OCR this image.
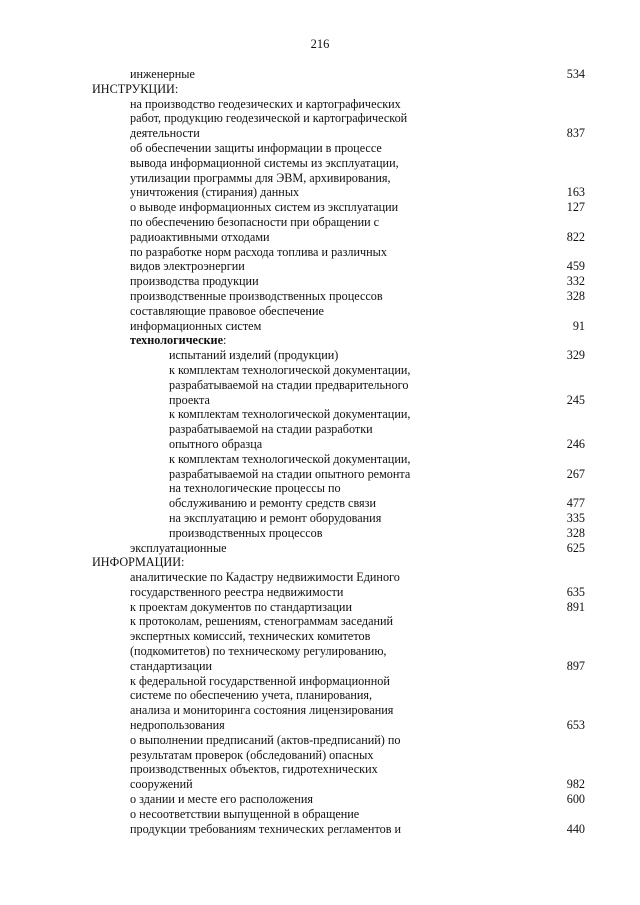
216
инженерные	534
ИНСТРУКЦИИ:
на производство геодезических и картографических
работ, продукцию геодезической и картографической
деятельности	837
об обеспечении защиты информации в процессе
вывода информационной системы из эксплуатации,
утилизации программы для ЭВМ, архивирования,
уничтожения (стирания) данных	163
о выводе информационных систем из эксплуатации	127
по обеспечению безопасности при обращении с
радиоактивными отходами	822
по разработке норм расхода топлива и различных
видов электроэнергии	459
производства продукции	332
производственные производственных процессов	328
составляющие правовое обеспечение
информационных систем	91
технологические:
испытаний изделий (продукции)	329
к комплектам технологической документации,
разрабатываемой на стадии предварительного
проекта	245
к комплектам технологической документации,
разрабатываемой на стадии разработки
опытного образца	246
к комплектам технологической документации,
разрабатываемой на стадии опытного ремонта	267
на технологические процессы по
обслуживанию и ремонту средств связи	477
на эксплуатацию и ремонт оборудования	335
производственных процессов	328
эксплуатационные	625
ИНФОРМАЦИИ:
аналитические по Кадастру недвижимости Единого
государственного реестра недвижимости	635
к проектам документов по стандартизации	891
к протоколам, решениям, стенограммам заседаний
экспертных комиссий, технических комитетов
(подкомитетов) по техническому регулированию,
стандартизации	897
к федеральной государственной информационной
системе по обеспечению учета, планирования,
анализа и мониторинга состояния лицензирования
недропользования	653
о выполнении предписаний (актов-предписаний) по
результатам проверок (обследований) опасных
производственных объектов, гидротехнических
сооружений	982
о здании и месте его расположения	600
о несоответствии выпущенной в обращение
продукции требованиям технических регламентов и	440
